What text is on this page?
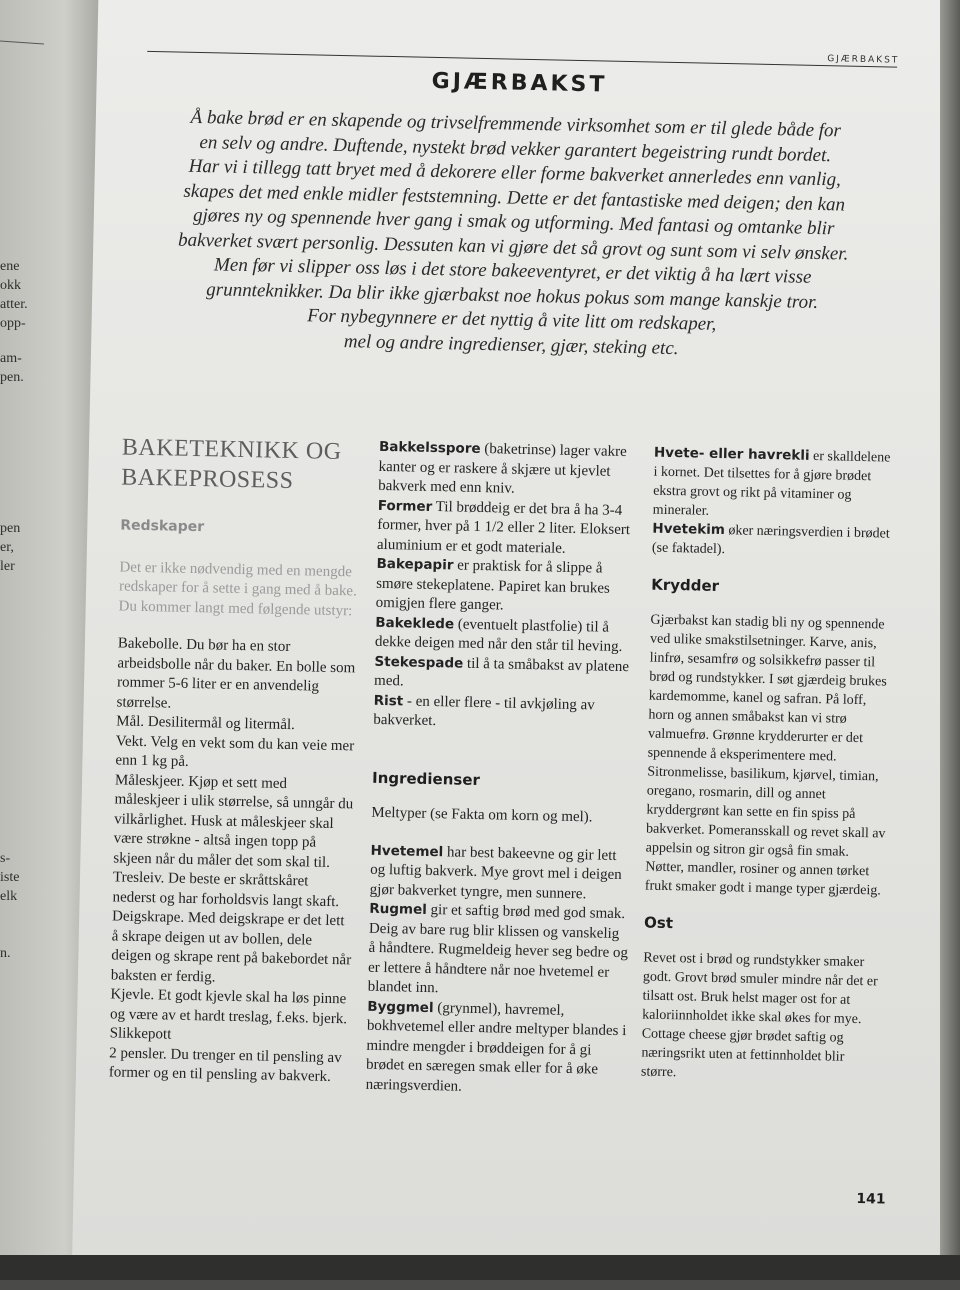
ene
okk
atter.
opp-
am-
pen.
pen
er,
ler
s-
iste
elk
n.
GJÆRBAKST
GJÆRBAKST
Å bake brød er en skapende og trivselfremmende virksomhet som er til glede både for
en selv og andre. Duftende, nystekt brød vekker garantert begeistring rundt bordet.
Har vi i tillegg tatt bryet med å dekorere eller forme bakverket annerledes enn vanlig,
skapes det med enkle midler feststemning. Dette er det fantastiske med deigen; den kan
gjøres ny og spennende hver gang i smak og utforming. Med fantasi og omtanke blir
bakverket svært personlig. Dessuten kan vi gjøre det så grovt og sunt som vi selv ønsker.
Men før vi slipper oss løs i det store bakeeventyret, er det viktig å ha lært visse
grunnteknikker. Da blir ikke gjærbakst noe hokus pokus som mange kanskje tror.
For nybegynnere er det nyttig å vite litt om redskaper,
mel og andre ingredienser, gjær, steking etc.
BAKETEKNIKK OG BAKEPROSESS
Redskaper

Det er ikke nødvendig med en mengde redskaper for å sette i gang med å bake. Du kommer langt med følgende utstyr:

Bakebolle. Du bør ha en stor arbeidsbolle når du baker. En bolle som rommer 5-6 liter er en anvendelig størrelse.

Mål. Desilitermål og litermål.

Vekt. Velg en vekt som du kan veie mer enn 1 kg på.

Måleskjeer. Kjøp et sett med måleskjeer i ulik størrelse, så unngår du vilkårlighet. Husk at måleskjeer skal være strøkne - altså ingen topp på skjeen når du måler det som skal til.

Tresleiv. De beste er skråttskåret nederst og har forholdsvis langt skaft.

Deigskrape. Med deigskrape er det lett å skrape deigen ut av bollen, dele deigen og skrape rent på bakebordet når baksten er ferdig.

Kjevle. Et godt kjevle skal ha løs pinne og være av et hardt treslag, f.eks. bjerk.

Slikkepott

2 pensler. Du trenger en til pensling av former og en til pensling av bakverk.

Bakkelsspore (baketrinse) lager vakre kanter og er raskere å skjære ut kjevlet bakverk med enn kniv.

Former Til brøddeig er det bra å ha 3-4 former, hver på 1 1/2 eller 2 liter. Eloksert aluminium er et godt materiale.

Bakepapir er praktisk for å slippe å smøre stekeplatene. Papiret kan brukes omigjen flere ganger.

Bakeklede (eventuelt plastfolie) til å dekke deigen med når den står til heving.

Stekespade til å ta småbakst av platene med.

Rist - en eller flere - til avkjøling av bakverket.

Ingredienser

Meltyper (se Fakta om korn og mel).

Hvetemel har best bakeevne og gir lett og luftig bakverk. Mye grovt mel i deigen gjør bakverket tyngre, men sunnere.

Rugmel gir et saftig brød med god smak. Deig av bare rug blir klissen og vanskelig å håndtere. Rugmeldeig hever seg bedre og er lettere å håndtere når noe hvetemel er blandet inn.

Byggmel (grynmel), havremel, bokhvetemel eller andre meltyper blandes i mindre mengder i brøddeigen for å gi brødet en særegen smak eller for å øke næringsverdien.

Hvete- eller havrekli er skalldelene i kornet. Det tilsettes for å gjøre brødet ekstra grovt og rikt på vitaminer og mineraler.

Hvetekim øker næringsverdien i brødet (se faktadel).

Krydder

Gjærbakst kan stadig bli ny og spennende ved ulike smakstilsetninger. Karve, anis, linfrø, sesamfrø og solsikkefrø passer til brød og rundstykker. I søt gjærdeig brukes kardemomme, kanel og safran. På loff, horn og annen småbakst kan vi strø valmuefrø. Grønne krydderurter er det spennende å eksperimentere med. Sitronmelisse, basilikum, kjørvel, timian, oregano, rosmarin, dill og annet kryddergrønt kan sette en fin spiss på bakverket. Pomeransskall og revet skall av appelsin og sitron gir også fin smak. Nøtter, mandler, rosiner og annen tørket frukt smaker godt i mange typer gjærdeig.

Ost

Revet ost i brød og rundstykker smaker godt. Grovt brød smuler mindre når det er tilsatt ost. Bruk helst mager ost for at kaloriinnholdet ikke skal økes for mye. Cottage cheese gjør brødet saftig og næringsrikt uten at fettinnholdet blir større.

141
